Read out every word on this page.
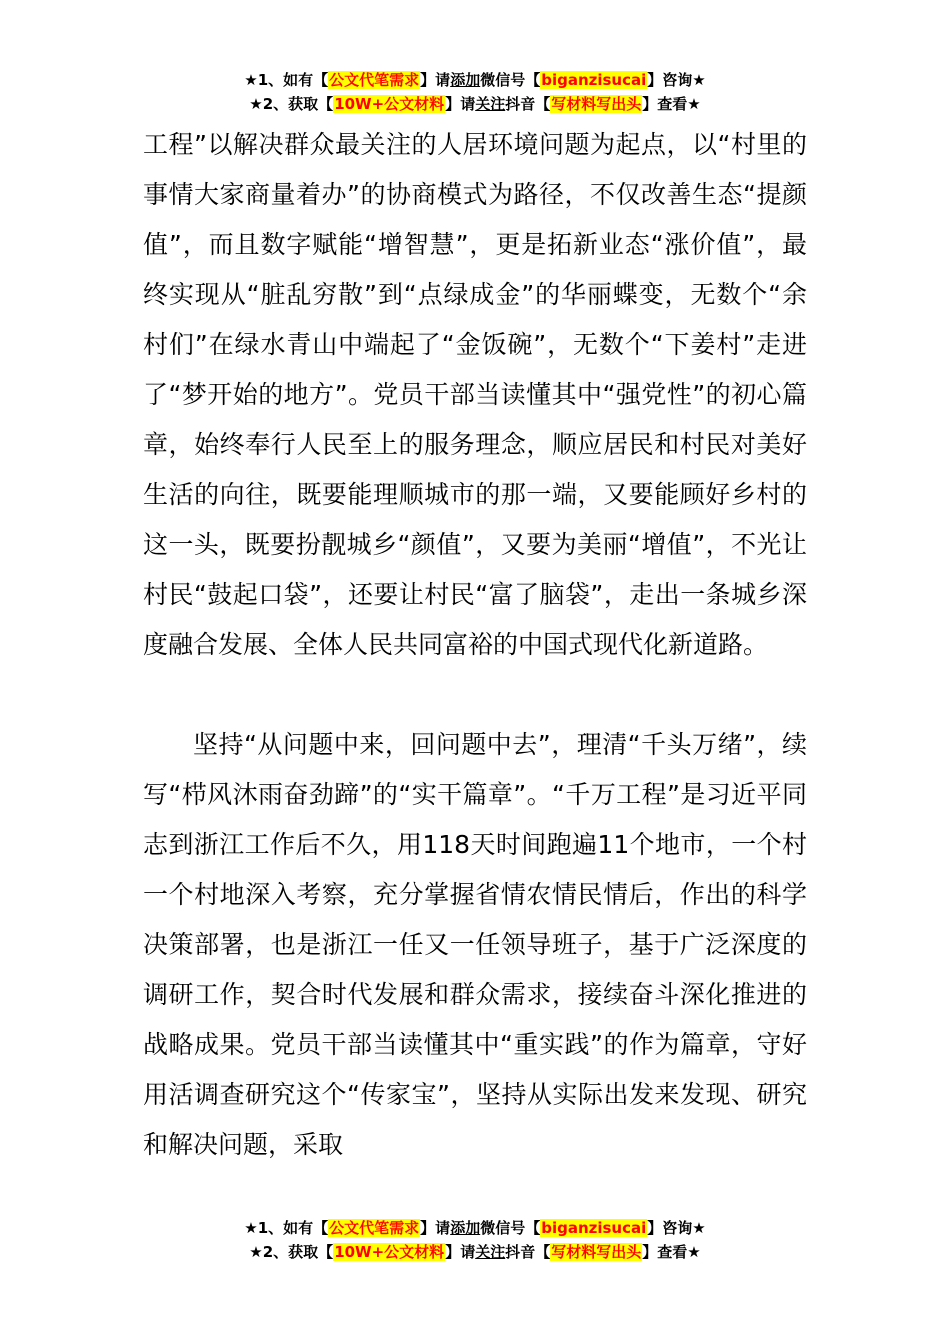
★1、如有【公文代笔需求】请添加微信号【biganzisucai】咨询★
★2、获取【10W+公文材料】请关注抖音【写材料写出头】查看★

工程”以解决群众最关注的人居环境问题为起点，以“村里的事情大家商量着办”的协商模式为路径，不仅改善生态“提颜值”，而且数字赋能“增智慧”，更是拓新业态“涨价值”，最终实现从“脏乱穷散”到“点绿成金”的华丽蝶变，无数个“余村们”在绿水青山中端起了“金饭碗”，无数个“下姜村”走进了“梦开始的地方”。党员干部当读懂其中“强党性”的初心篇章，始终奉行人民至上的服务理念，顺应居民和村民对美好生活的向往，既要能理顺城市的那一端，又要能顾好乡村的这一头，既要扮靓城乡“颜值”，又要为美丽“增值”，不光让村民“鼓起口袋”，还要让村民“富了脑袋”，走出一条城乡深度融合发展、全体人民共同富裕的中国式现代化新道路。

坚持“从问题中来，回问题中去”，理清“千头万绪”，续写“栉风沐雨奋劲蹄”的“实干篇章”。“千万工程”是习近平同志到浙江工作后不久，用118天时间跑遍11个地市，一个村一个村地深入考察，充分掌握省情农情民情后，作出的科学决策部署，也是浙江一任又一任领导班子，基于广泛深度的调研工作，契合时代发展和群众需求，接续奋斗深化推进的战略成果。党员干部当读懂其中“重实践”的作为篇章，守好用活调查研究这个“传家宝”，坚持从实际出发来发现、研究和解决问题，采取

★1、如有【公文代笔需求】请添加微信号【biganzisucai】咨询★
★2、获取【10W+公文材料】请关注抖音【写材料写出头】查看★
